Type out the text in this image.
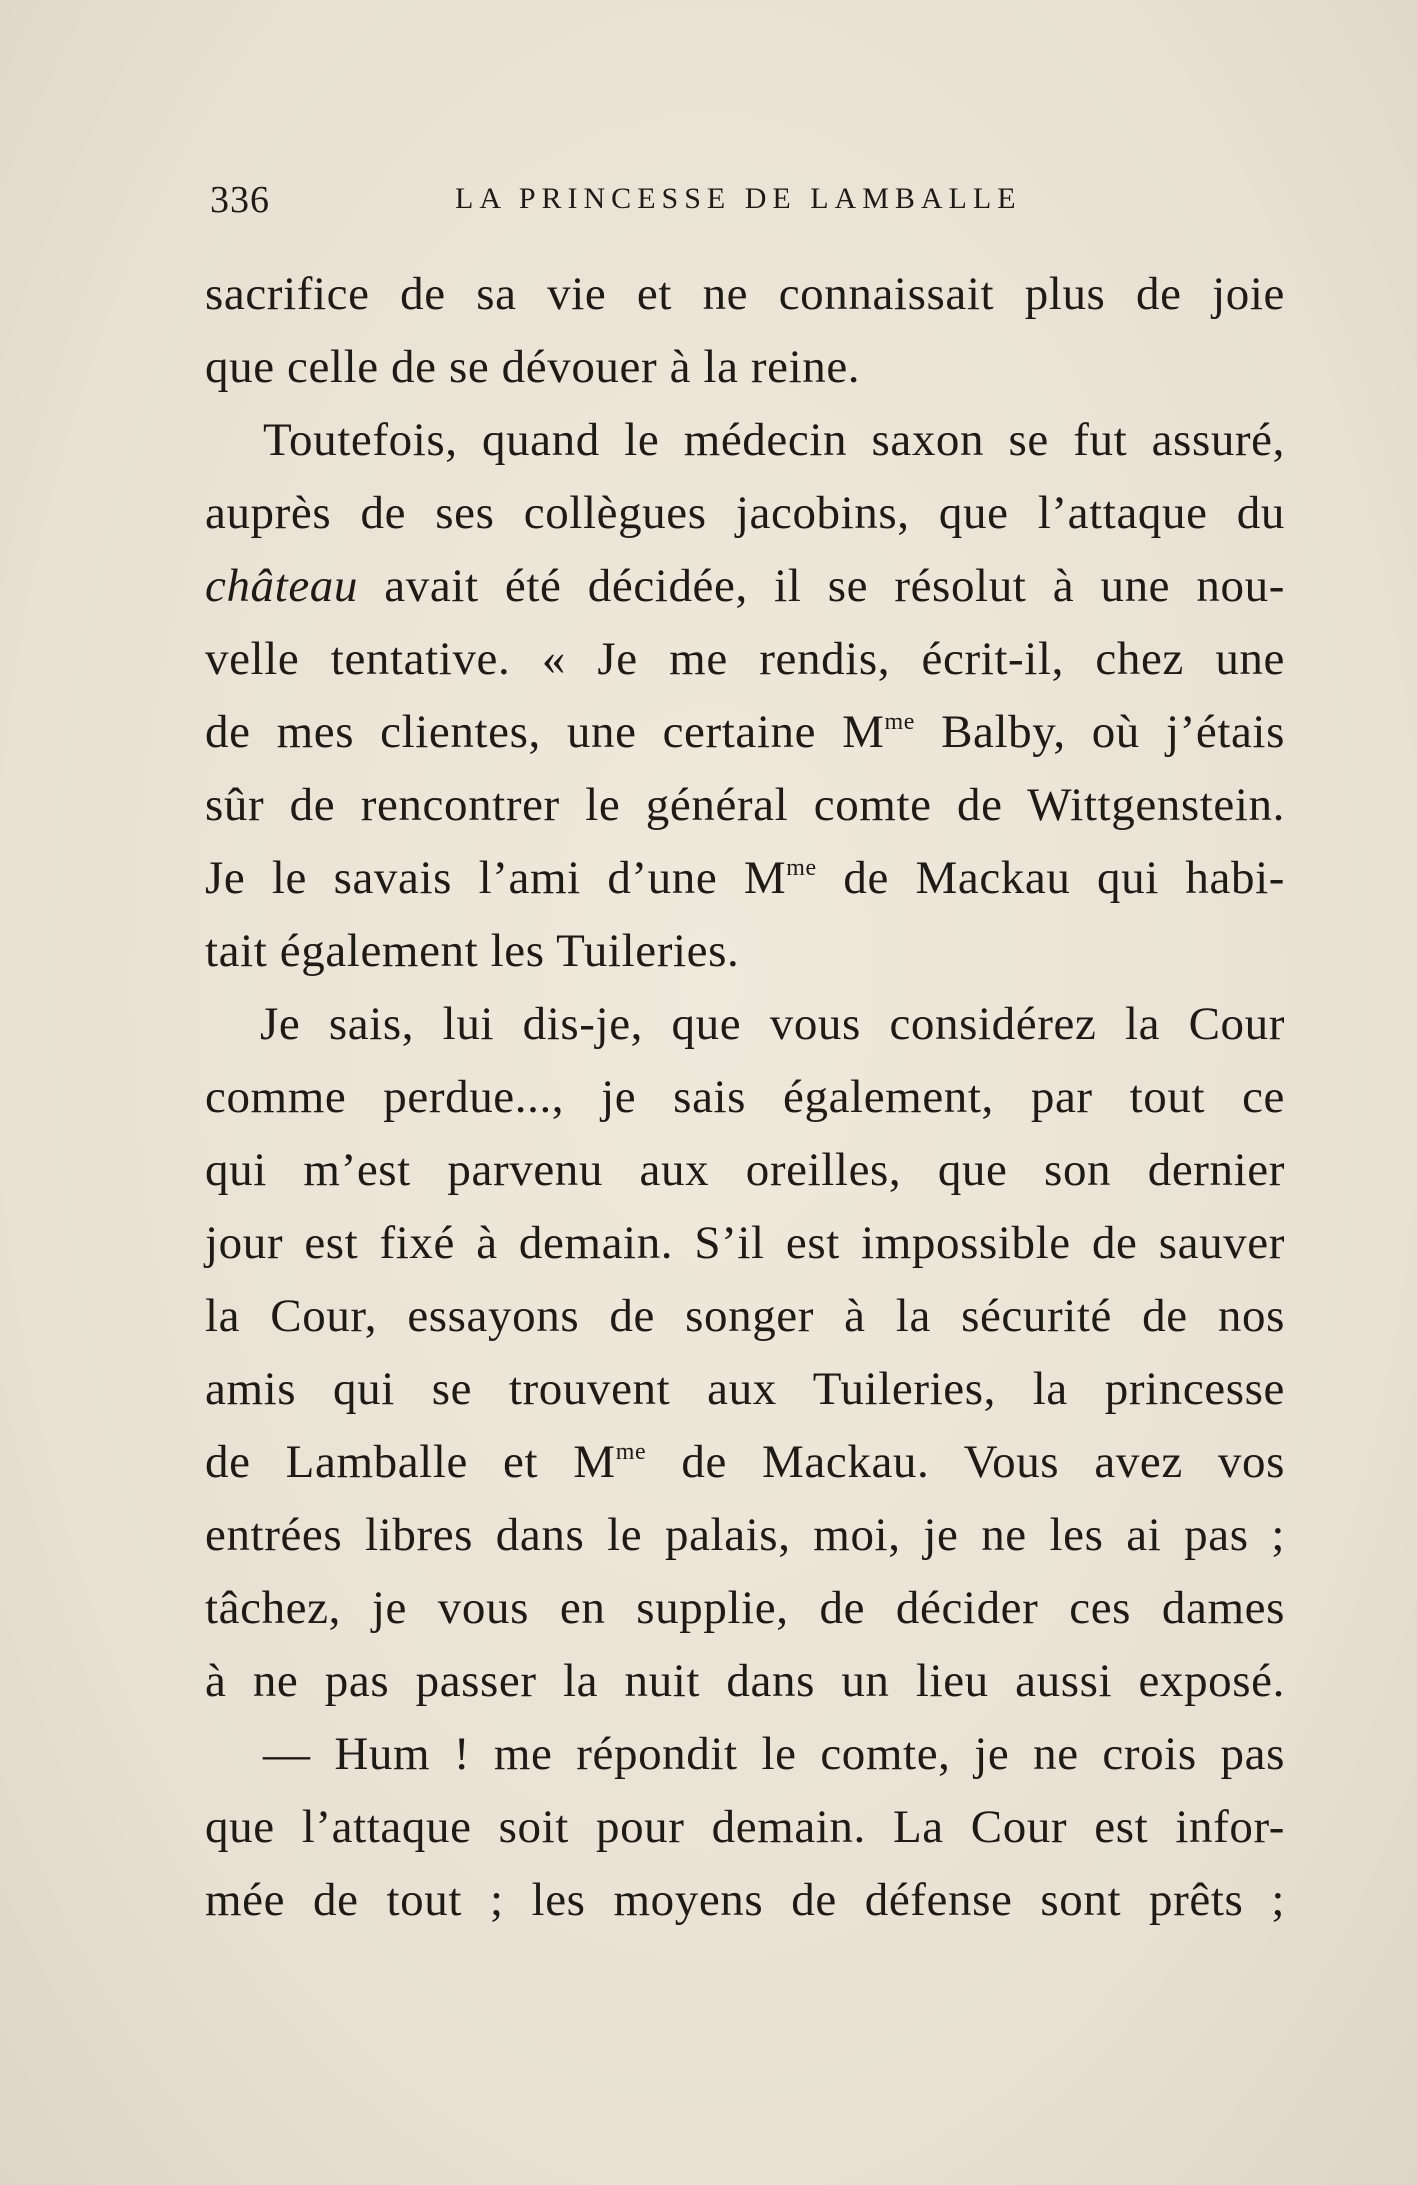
336	LA PRINCESSE DE LAMBALLE
sacrifice de sa vie et ne connaissait plus de joie
que celle de se dévouer à la reine.
Toutefois, quand le médecin saxon se fut assuré,
auprès de ses collègues jacobins, que l’attaque du
château avait été décidée, il se résolut à une nou-
velle tentative. « Je me rendis, écrit-il, chez une
de mes clientes, une certaine $M^{me}$ Balby, où j’étais
sûr de rencontrer le général comte de Wittgenstein.
Je le savais l’ami d’une $M^{me}$ de Mackau qui habi-
tait également les Tuileries.
Je sais, lui dis-je, que vous considérez la Cour
comme perdue..., je sais également, par tout ce
qui m’est parvenu aux oreilles, que son dernier
jour est fixé à demain. S’il est impossible de sauver
la Cour, essayons de songer à la sécurité de nos
amis qui se trouvent aux Tuileries, la princesse
de Lamballe et $M^{me}$ de Mackau. Vous avez vos
entrées libres dans le palais, moi, je ne les ai pas ;
tâchez, je vous en supplie, de décider ces dames
à ne pas passer la nuit dans un lieu aussi exposé.
— Hum ! me répondit le comte, je ne crois pas
que l’attaque soit pour demain. La Cour est infor-
mée de tout ; les moyens de défense sont prêts ;
